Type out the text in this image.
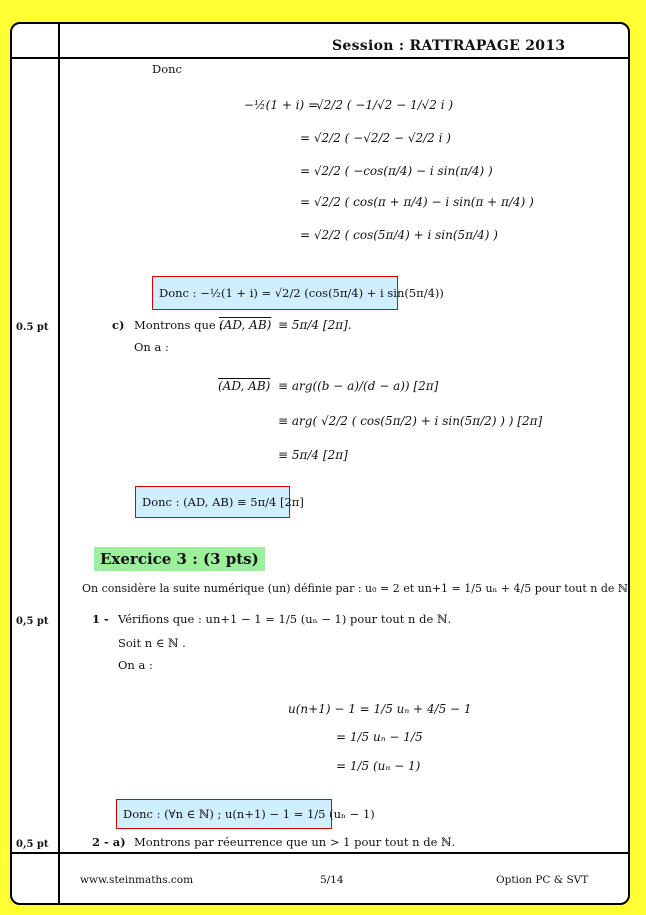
Session : RATTRAPAGE 2013
Donc
−½(1 + i) =
√2/2 ( −1/√2 − 1/√2 i )
= √2/2 ( −√2/2 − √2/2 i )
= √2/2 ( −cos(π/4) − i sin(π/4) )
= √2/2 ( cos(π + π/4) − i sin(π + π/4) )
= √2/2 ( cos(5π/4) + i sin(5π/4) )
Donc : −½(1 + i) = √2/2 (cos(5π/4) + i sin(5π/4))
0.5 pt	c) Montrons que :
(AD, AB) ≡ 5π/4 [2π].
On a :
(AD, AB) ≡ arg((b − a)/(d − a)) [2π]
≡ arg( √2/2 ( cos(5π/2) + i sin(5π/2) ) ) [2π]
≡ 5π/4 [2π]
Donc : (AD, AB) ≡ 5π/4 [2π]
Exercice 3 : (3 pts)
On considère la suite numérique (un) définie par : u₀ = 2 et un+1 = 1/5 uₙ + 4/5 pour tout n de ℕ
0,5 pt	1 - Vérifions que : un+1 − 1 = 1/5 (uₙ − 1) pour tout n de ℕ.
Soit n ∈ ℕ .
On a :
u(n+1) − 1 = 1/5 uₙ + 4/5 − 1
= 1/5 uₙ − 1/5
= 1/5 (uₙ − 1)
Donc : (∀n ∈ ℕ) ; u(n+1) − 1 = 1/5 (uₙ − 1)
0,5 pt	2 - a) Montrons par réeurrence que un > 1 pour tout n de ℕ.
www.steinmaths.com	5/14	Option PC & SVT
